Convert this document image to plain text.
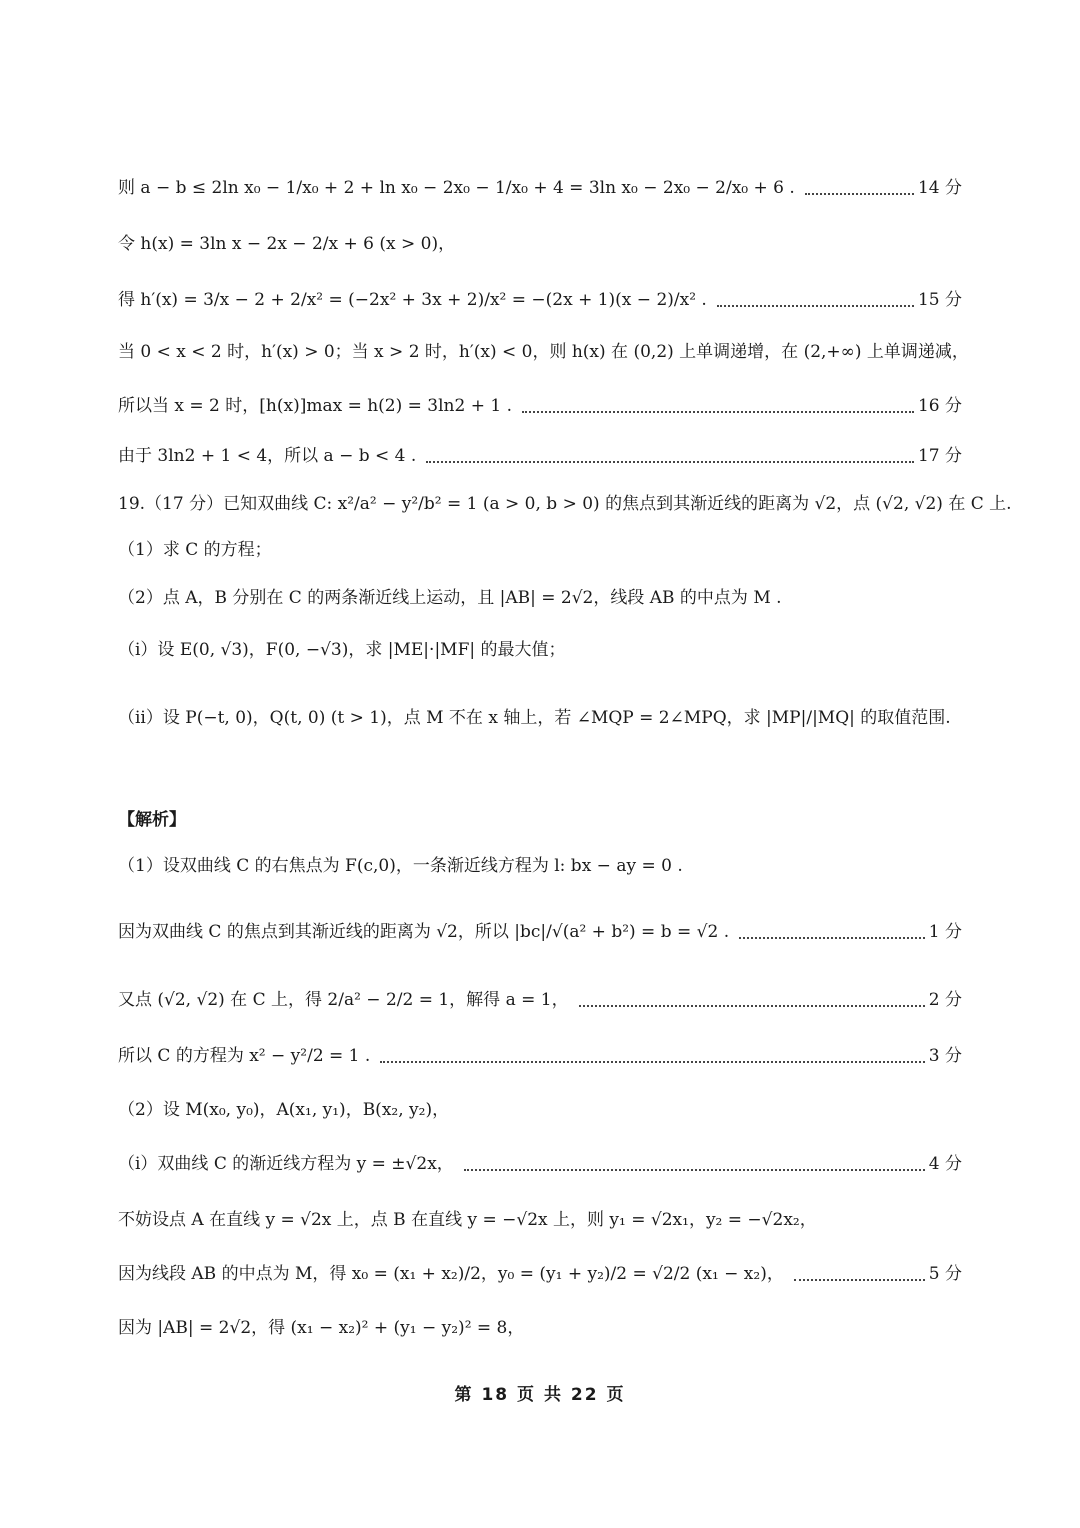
则 a − b ≤ 2ln x₀ − 1/x₀ + 2 + ln x₀ − 2x₀ − 1/x₀ + 4 = 3ln x₀ − 2x₀ − 2/x₀ + 6 .	14 分
令 h(x) = 3ln x − 2x − 2/x + 6 (x > 0)，
得 h′(x) = 3/x − 2 + 2/x² = (−2x² + 3x + 2)/x² = −(2x + 1)(x − 2)/x² .	15 分
当 0 < x < 2 时，h′(x) > 0；当 x > 2 时，h′(x) < 0，则 h(x) 在 (0,2) 上单调递增，在 (2,+∞) 上单调递减，
所以当 x = 2 时，[h(x)]max = h(2) = 3ln2 + 1 .	16 分
由于 3ln2 + 1 < 4，所以 a − b < 4 .	17 分
19.（17 分）已知双曲线 C: x²/a² − y²/b² = 1 (a > 0, b > 0) 的焦点到其渐近线的距离为 √2，点 (√2, √2) 在 C 上.
（1）求 C 的方程；
（2）点 A，B 分别在 C 的两条渐近线上运动，且 |AB| = 2√2，线段 AB 的中点为 M .
（i）设 E(0, √3)，F(0, −√3)，求 |ME|·|MF| 的最大值；
（ii）设 P(−t, 0)，Q(t, 0) (t > 1)，点 M 不在 x 轴上，若 ∠MQP = 2∠MPQ，求 |MP|/|MQ| 的取值范围.
【解析】
（1）设双曲线 C 的右焦点为 F(c,0)，一条渐近线方程为 l: bx − ay = 0 .
因为双曲线 C 的焦点到其渐近线的距离为 √2，所以 |bc|/√(a² + b²) = b = √2 .	1 分
又点 (√2, √2) 在 C 上，得 2/a² − 2/2 = 1，解得 a = 1，	2 分
所以 C 的方程为 x² − y²/2 = 1 .	3 分
（2）设 M(x₀, y₀)，A(x₁, y₁)，B(x₂, y₂)，
（i）双曲线 C 的渐近线方程为 y = ±√2x，	4 分
不妨设点 A 在直线 y = √2x 上，点 B 在直线 y = −√2x 上，则 y₁ = √2x₁，y₂ = −√2x₂，
因为线段 AB 的中点为 M，得 x₀ = (x₁ + x₂)/2，y₀ = (y₁ + y₂)/2 = √2/2 (x₁ − x₂)，	5 分
因为 |AB| = 2√2，得 (x₁ − x₂)² + (y₁ − y₂)² = 8，
第 18 页 共 22 页
